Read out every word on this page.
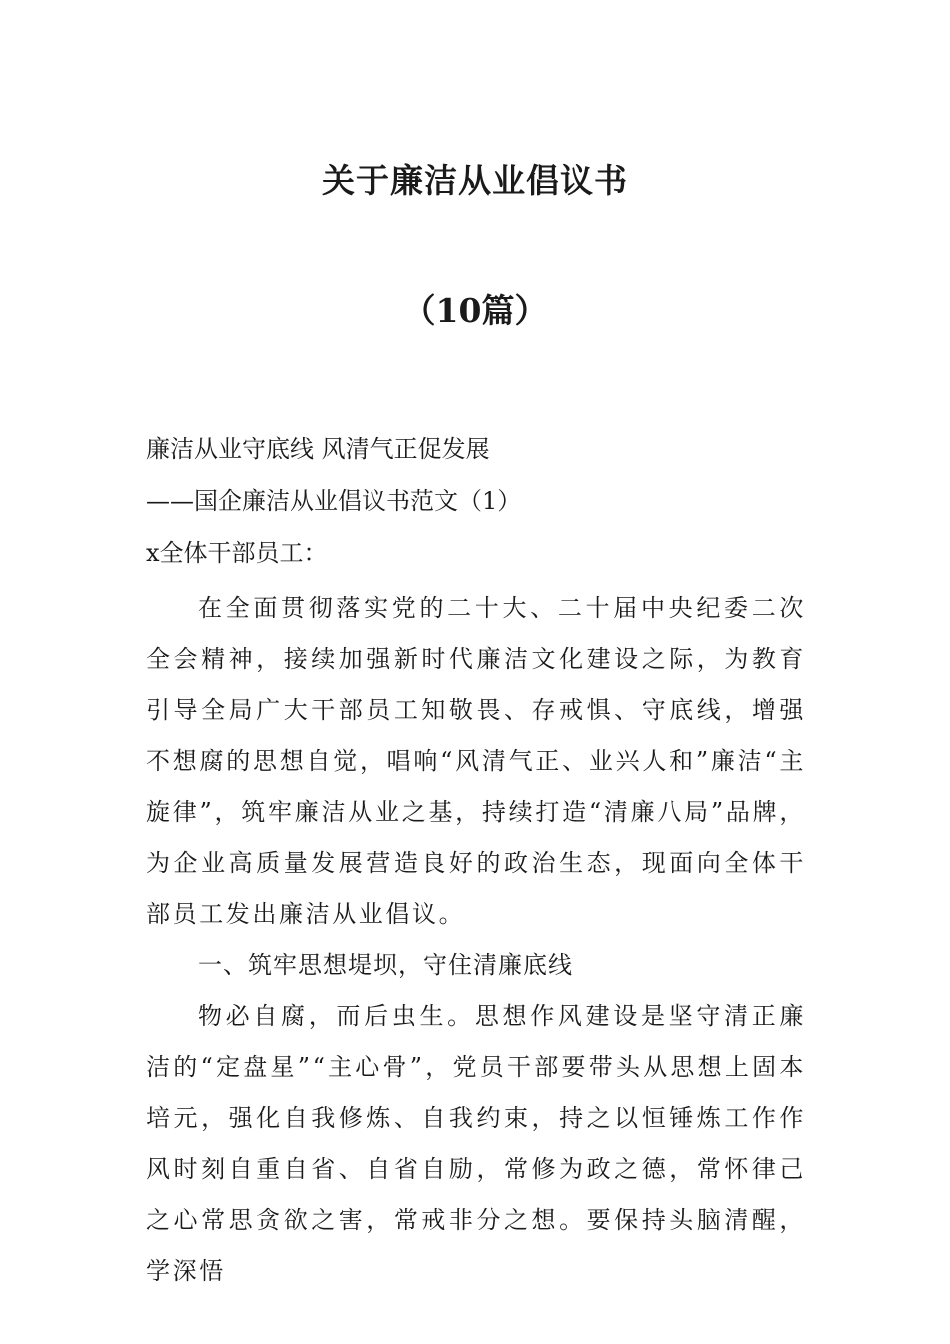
关于廉洁从业倡议书
（10篇）

廉洁从业守底线 风清气正促发展

——国企廉洁从业倡议书范文（1）

x全体干部员工：

在全面贯彻落实党的二十大、二十届中央纪委二次全会精神，接续加强新时代廉洁文化建设之际，为教育引导全局广大干部员工知敬畏、存戒惧、守底线，增强不想腐的思想自觉，唱响“风清气正、业兴人和”廉洁“主旋律”，筑牢廉洁从业之基，持续打造“清廉八局”品牌，为企业高质量发展营造良好的政治生态，现面向全体干部员工发出廉洁从业倡议。

一、筑牢思想堤坝，守住清廉底线

物必自腐，而后虫生。思想作风建设是坚守清正廉洁的“定盘星”“主心骨”，党员干部要带头从思想上固本培元，强化自我修炼、自我约束，持之以恒锤炼工作作风时刻自重自省、自省自励，常修为政之德，常怀律己之心常思贪欲之害，常戒非分之想。要保持头脑清醒，学深悟
